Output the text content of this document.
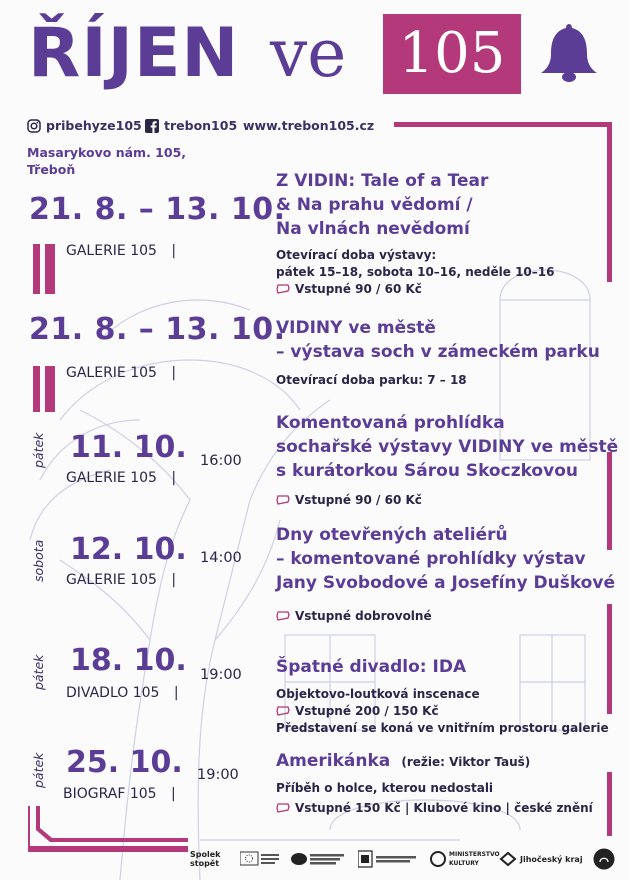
ŘÍJEN ve 105
pribehyze105 trebon105 www.trebon105.cz
Masarykovo nám. 105,
Třeboň
21. 8. – 13. 10.
GALERIE 105 |
Z VIDIN: Tale of a Tear
& Na prahu vědomí /
Na vlnách nevědomí
Otevírací doba výstavy:
pátek 15–18, sobota 10–16, neděle 10–16
Vstupné 90 / 60 Kč
21. 8. – 13. 10.
GALERIE 105 |
VIDINY ve městě
– výstava soch v zámeckém parku
Otevírací doba parku: 7 – 18
pátek 11. 10.
GALERIE 105 |
16:00
Komentovaná prohlídka
sochařské výstavy VIDINY ve městě
s kurátorkou Sárou Skoczkovou
Vstupné 90 / 60 Kč
sobota 12. 10.
GALERIE 105 |
14:00
Dny otevřených ateliérů
– komentované prohlídky výstav
Jany Svobodové a Josefíny Duškové
Vstupné dobrovolné
pátek 18. 10.
DIVADLO 105 |
19:00 Špatné divadlo: IDA
Objektovo-loutková inscenace
Vstupné 200 / 150 Kč
Představení se koná ve vnitřním prostoru galerie
pátek 25. 10.
BIOGRAF 105 |
19:00
Amerikánka (režie: Viktor Tauš)
Příběh o holce, kterou nedostali
Vstupné 150 Kč | Klubové kino | české znění
Spolek
stopět
MINISTERSTVO KULTURY	Jihočeský kraj
